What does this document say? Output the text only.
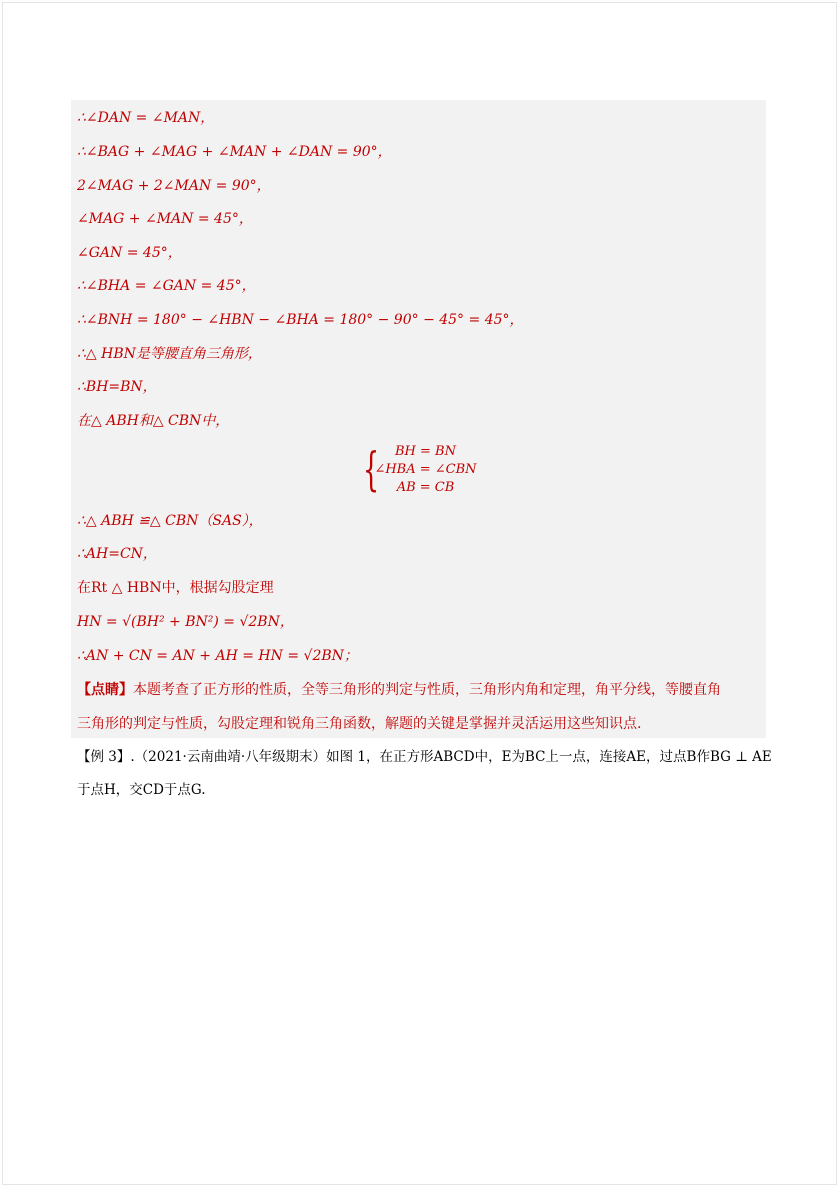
∴∠DAN = ∠MAN，
∴∠BAG + ∠MAG + ∠MAN + ∠DAN = 90°，
2∠MAG + 2∠MAN = 90°，
∠MAG + ∠MAN = 45°，
∠GAN = 45°，
∴∠BHA = ∠GAN = 45°，
∴∠BNH = 180° − ∠HBN − ∠BHA = 180° − 90° − 45° = 45°，
∴△ HBN是等腰直角三角形，
∴BH=BN，
在△ ABH和△ CBN中，
{	BH = BN
∠HBA = ∠CBN
AB = CB
∴△ ABH ≌△ CBN（SAS），
∴AH=CN，
在Rt △ HBN中，根据勾股定理
HN = √(BH² + BN²) = √2BN，
∴AN + CN = AN + AH = HN = √2BN；
【点睛】本题考查了正方形的性质，全等三角形的判定与性质，三角形内角和定理，角平分线，等腰直角
三角形的判定与性质，勾股定理和锐角三角函数，解题的关键是掌握并灵活运用这些知识点.
【例 3】.（2021·云南曲靖·八年级期末）如图 1，在正方形ABCD中，E为BC上一点，连接AE，过点B作BG ⊥ AE
于点H，交CD于点G.
